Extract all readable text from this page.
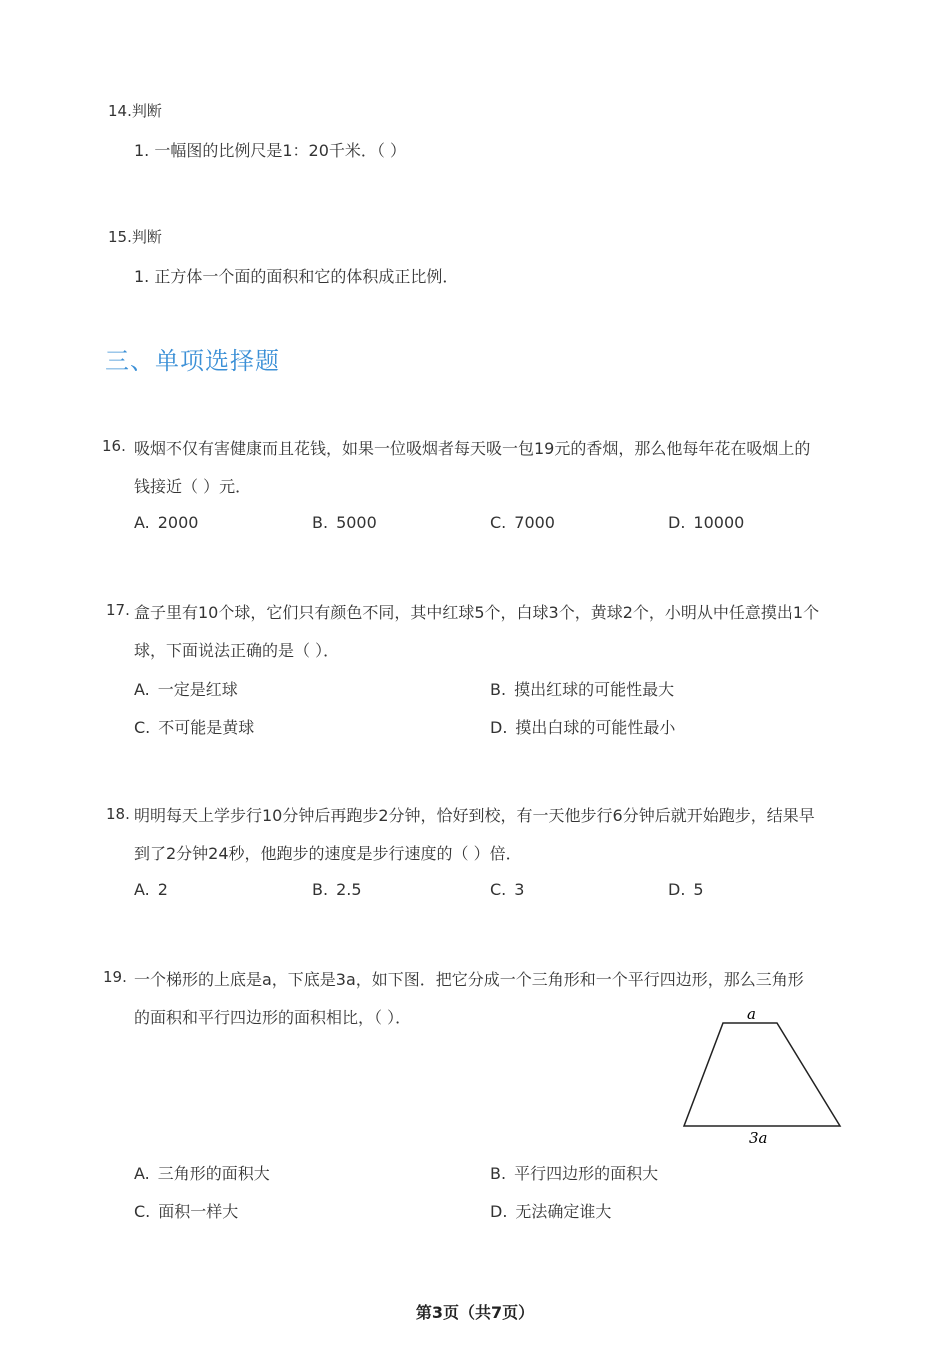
14.判断
1. 一幅图的比例尺是1：20千米．（ ）
15.判断
1. 正方体一个面的面积和它的体积成正比例．
三、单项选择题
16. 吸烟不仅有害健康而且花钱，如果一位吸烟者每天吸一包19元的香烟，那么他每年花在吸烟上的
钱接近（ ）元．
A. 2000	B. 5000	C. 7000	D. 10000
17. 盒子里有10个球，它们只有颜色不同，其中红球5个，白球3个，黄球2个，小明从中任意摸出1个
球，下面说法正确的是（ ）．
A. 一定是红球	B. 摸出红球的可能性最大
C. 不可能是黄球	D. 摸出白球的可能性最小
18. 明明每天上学步行10分钟后再跑步2分钟，恰好到校，有一天他步行6分钟后就开始跑步，结果早
到了2分钟24秒，他跑步的速度是步行速度的（ ）倍．
A. 2	B. 2.5	C. 3	D. 5
19. 一个梯形的上底是a，下底是3a，如下图．把它分成一个三角形和一个平行四边形，那么三角形
的面积和平行四边形的面积相比，（ ）．	a
3a
A. 三角形的面积大	B. 平行四边形的面积大
C. 面积一样大	D. 无法确定谁大
第3页（共7页）
